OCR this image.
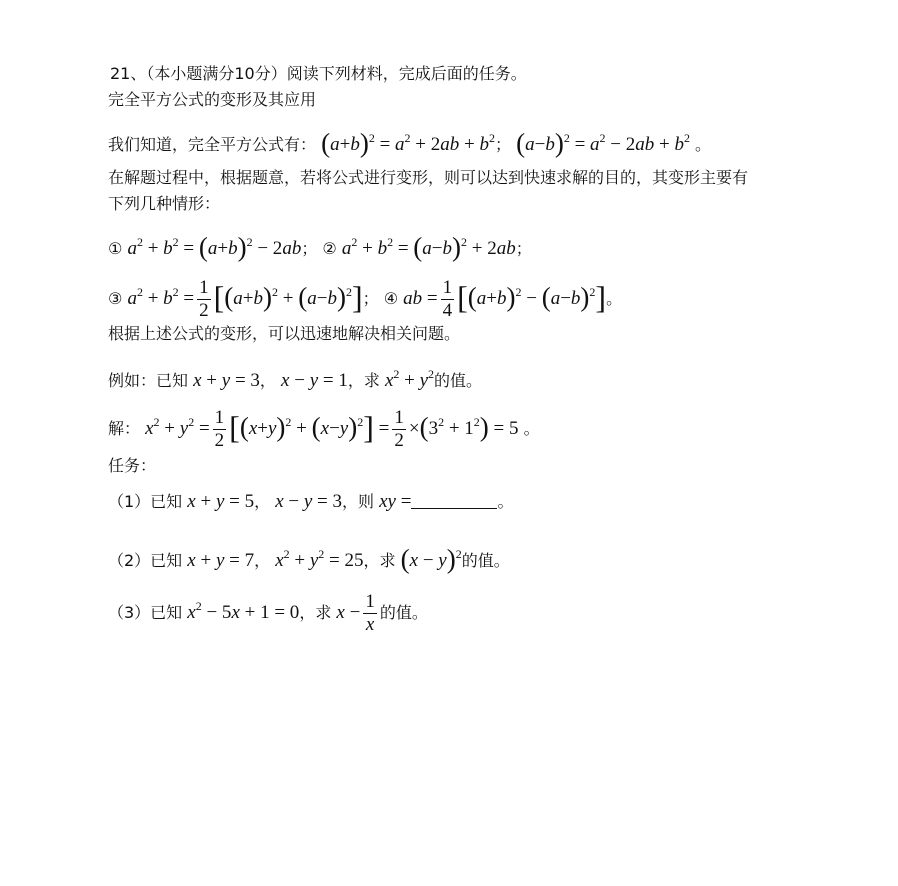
21、（本小题满分10分）阅读下列材料，完成后面的任务。
完全平方公式的变形及其应用
我们知道，完全平方公式有： $(a+b)^2 = a^2 + 2ab + b^2$； $(a-b)^2 = a^2 - 2ab + b^2$ 。
在解题过程中，根据题意，若将公式进行变形，则可以达到快速求解的目的，其变形主要有
下列几种情形：
① $a^2 + b^2 = (a+b)^2 - 2ab$； ② $a^2 + b^2 = (a-b)^2 + 2ab$；
③ $a^2 + b^2 = \frac{1}{2} [(a+b)^2 + (a-b)^2]$； ④ ab = $\frac{1}{4} [(a+b)^2 - (a-b)^2]$。
根据上述公式的变形，可以迅速地解决相关问题。
例如：已知 x + y = 3， x − y = 1，求 $x^2 + y^2$的值。
解： $x^2 + y^2 = \frac{1}{2} [(x+y)^2 + (x-y)^2] = \frac{1}{2} \times(3^2 + 1^2) = 5$ 。
任务：
（1）已知 x + y = 5， x − y = 3，则 xy =	。
（2）已知 x + y = 7， $x^2 + y^2 = 25$，求 $(x - y)^2$的值。
（3）已知 $x^2 - 5x + 1 = 0$，求 $x - \frac{1}{x}$ 的值。
